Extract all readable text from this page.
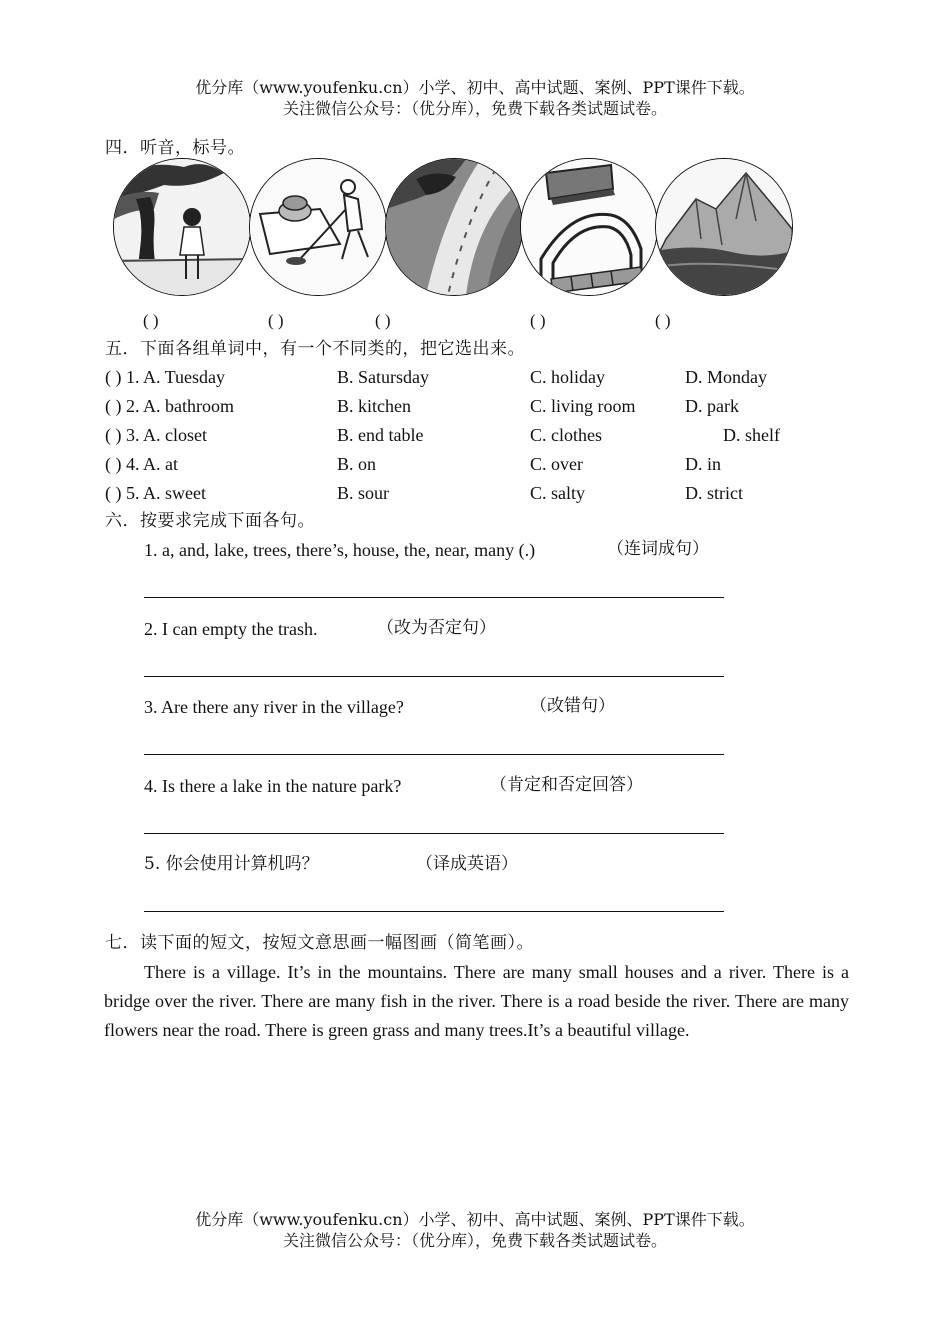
优分库（www.youfenku.cn）小学、初中、高中试题、案例、PPT课件下载。
关注微信公众号：（优分库），免费下载各类试题试卷。
四．听音，标号。
( )	( )	( )	( )	( )
五．下面各组单词中，有一个不同类的，把它选出来。
( ) 1. A. Tuesday	B. Satursday	C. holiday	D. Monday
( ) 2. A. bathroom	B. kitchen	C. living room	D. park
( ) 3. A. closet	B. end table	C. clothes	D. shelf
( ) 4. A. at	B. on	C. over	D. in
( ) 5. A. sweet	B. sour	C. salty	D. strict
六．按要求完成下面各句。
1. a, and, lake, trees, there’s, house, the, near, many (.)	（连词成句）
2. I can empty the trash.	（改为否定句）
3. Are there any river in the village?	（改错句）
4. Is there a lake in the nature park?	（肯定和否定回答）
5. 你会使用计算机吗？	（译成英语）
七．读下面的短文，按短文意思画一幅图画（简笔画）。

There is a village. It’s in the mountains. There are many small houses and a river. There is a bridge over the river. There are many fish in the river. There is a road beside the river. There are many flowers near the road. There is green grass and many trees.It’s a beautiful village.

优分库（www.youfenku.cn）小学、初中、高中试题、案例、PPT课件下载。
关注微信公众号：（优分库），免费下载各类试题试卷。
